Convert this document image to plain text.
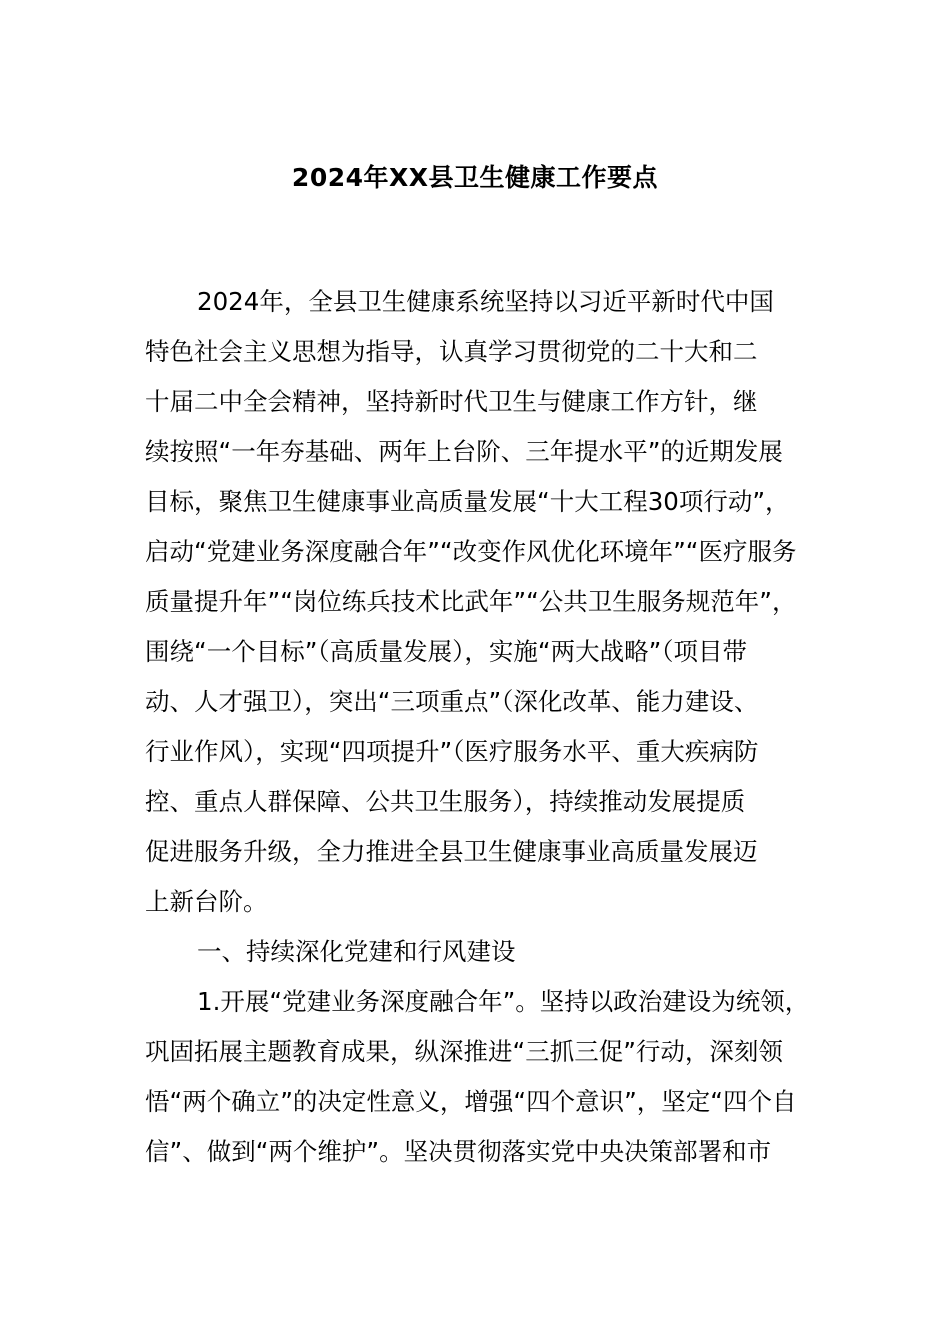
2024年XX县卫生健康工作要点
2024年，全县卫生健康系统坚持以习近平新时代中国
特色社会主义思想为指导，认真学习贯彻党的二十大和二
十届二中全会精神，坚持新时代卫生与健康工作方针，继
续按照“一年夯基础、两年上台阶、三年提水平”的近期发展
目标，聚焦卫生健康事业高质量发展“十大工程30项行动”，
启动“党建业务深度融合年”“改变作风优化环境年”“医疗服务
质量提升年”“岗位练兵技术比武年”“公共卫生服务规范年”，
围绕“一个目标”（高质量发展），实施“两大战略”（项目带
动、人才强卫），突出“三项重点”（深化改革、能力建设、
行业作风），实现“四项提升”（医疗服务水平、重大疾病防
控、重点人群保障、公共卫生服务），持续推动发展提质
促进服务升级，全力推进全县卫生健康事业高质量发展迈
上新台阶。
一、持续深化党建和行风建设
1.开展“党建业务深度融合年”。坚持以政治建设为统领，
巩固拓展主题教育成果，纵深推进“三抓三促”行动，深刻领
悟“两个确立”的决定性意义，增强“四个意识”，坚定“四个自
信”、做到“两个维护”。坚决贯彻落实党中央决策部署和市
